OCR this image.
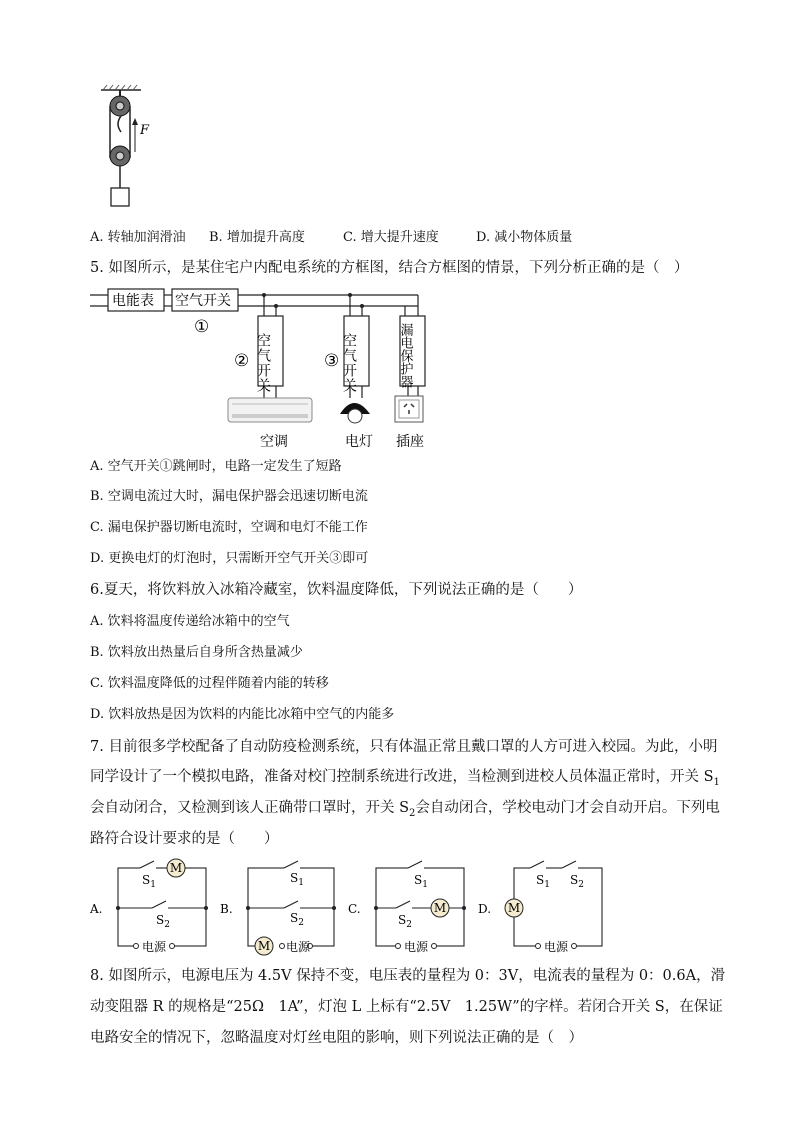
F
A. 转轴加润滑油 B. 增加提升高度	C. 增大提升速度	D. 减小物体质量
5. 如图所示，是某住宅户内配电系统的方框图，结合方框图的情景，下列分析正确的是（　）
电能表 空气开关
①
②	③
空气开关	空气开关	漏电保护器
空调	电灯 插座
A. 空气开关①跳闸时，电路一定发生了短路
B. 空调电流过大时，漏电保护器会迅速切断电流
C. 漏电保护器切断电流时，空调和电灯不能工作
D. 更换电灯的灯泡时，只需断开空气开关③即可
6.夏天，将饮料放入冰箱冷藏室，饮料温度降低，下列说法正确的是（　　）
A. 饮料将温度传递给冰箱中的空气
B. 饮料放出热量后自身所含热量减少
C. 饮料温度降低的过程伴随着内能的转移
D. 饮料放热是因为饮料的内能比冰箱中空气的内能多
7. 目前很多学校配备了自动防疫检测系统，只有体温正常且戴口罩的人方可进入校园。为此，小明
同学设计了一个模拟电路，准备对校门控制系统进行改进，当检测到进校人员体温正常时，开关 $S_1$
会自动闭合，又检测到该人正确带口罩时，开关 $S_2$会自动闭合，学校电动门才会自动开启。下列电
路符合设计要求的是（　　）
M
M
M	M
$S_1$
$S_2$
$S_1$
$S_2$
$S_1$
$S_2$
$S_1$ $S_2$
电源	电源	电源	电源
A.	B.	C.	D.
8. 如图所示，电源电压为 4.5V 保持不变，电压表的量程为 0：3V，电流表的量程为 0：0.6A，滑
动变阻器 R 的规格是“25Ω　1A”，灯泡 L 上标有“2.5V　1.25W”的字样。若闭合开关 S，在保证
电路安全的情况下，忽略温度对灯丝电阻的影响，则下列说法正确的是（　）
